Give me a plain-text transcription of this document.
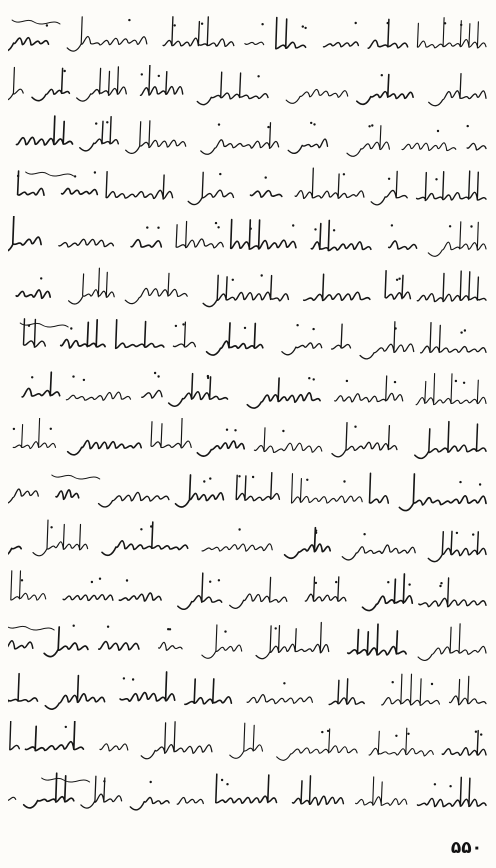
۵۵۰
